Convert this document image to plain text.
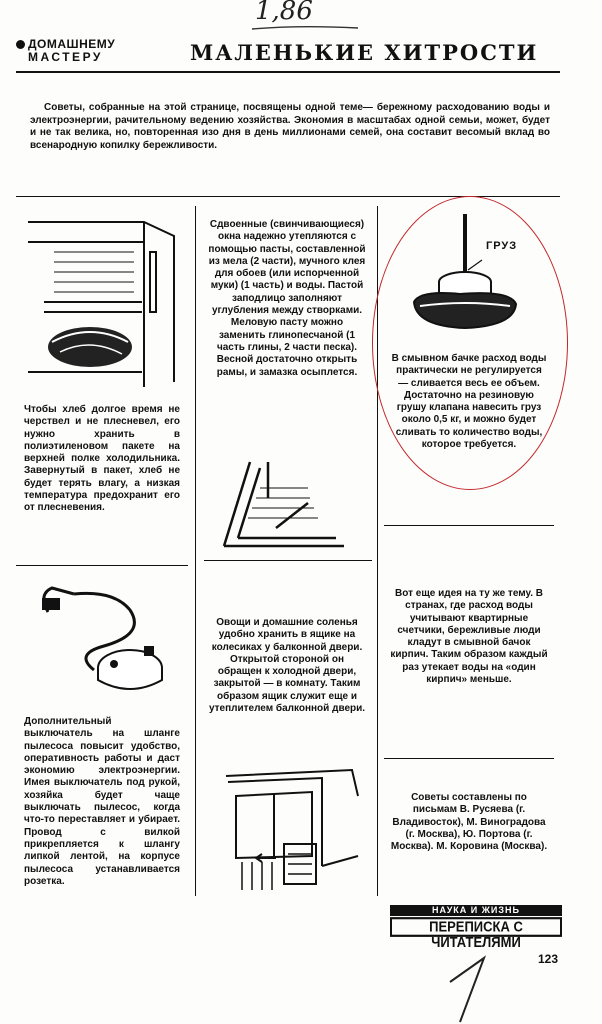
1,86
ДОМАШНЕМУ
МАСТЕРУ	МАЛЕНЬКИЕ ХИТРОСТИ
Советы, собранные на этой странице, посвящены одной теме— бережному расходованию воды и электроэнергии, рачительному ведению хозяйства. Экономия в масштабах одной семьи, может, будет и не так велика, но, повторенная изо дня в день миллионами семей, она составит весомый вклад во всенародную копилку бережливости.
Чтобы хлеб долгое время не черствел и не плесневел, его нужно хранить в полиэтиленовом пакете на верхней полке холодильника. Завернутый в пакет, хлеб не будет терять влагу, а низкая температура предохранит его от плесневения.
Сдвоенные (свинчивающиеся) окна надежно утепляются с помощью пасты, составленной из мела (2 части), мучного клея для обоев (или испорченной муки) (1 часть) и воды. Пастой заподлицо заполняют углубления между створками. Меловую пасту можно заменить глинопесчаной (1 часть глины, 2 части песка). Весной достаточно открыть рамы, и замазка осыплется.
Дополнительный выключатель на шланге пылесоса повысит удобство, оперативность работы и даст экономию электроэнергии. Имея выключатель под рукой, хозяйка будет чаще выключать пылесос, когда что-то переставляет и убирает. Провод с вилкой прикрепляется к шлангу липкой лентой, на корпусе пылесоса устанавливается розетка.
Овощи и домашние соленья удобно хранить в ящике на колесиках у балконной двери. Открытой стороной он обращен к холодной двери, закрытой — в комнату. Таким образом ящик служит еще и утеплителем балконной двери.
ГРУЗ
В смывном бачке расход воды практически не регулируется — сливается весь ее объем. Достаточно на резиновую грушу клапана навесить груз около 0,5 кг, и можно будет сливать то количество воды, которое требуется.
Вот еще идея на ту же тему. В странах, где расход воды учитывают квартирные счетчики, бережливые люди кладут в смывной бачок кирпич. Таким образом каждый раз утекает воды на «один кирпич» меньше.
Советы составлены по письмам В. Русяева (г. Владивосток), М. Виноградова (г. Москва), Ю. Портова (г. Москва). М. Коровина (Москва).
НАУКА И ЖИЗНЬ
ПЕРЕПИСКА С ЧИТАТЕЛЯМИ
123
